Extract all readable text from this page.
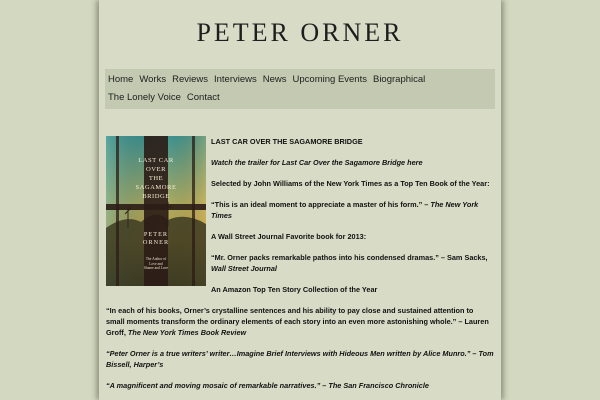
PETER ORNER
Home Works Reviews Interviews News Upcoming Events Biographical
The Lonely Voice Contact
LAST CAR
OVER
THE
SAGAMORE
BRIDGE
PETER
ORNER
The Author of
Love and
Shame and Love
LAST CAR OVER THE SAGAMORE BRIDGE
Watch the trailer for Last Car Over the Sagamore Bridge here
Selected by John Williams of the New York Times as a Top Ten Book of the Year:
“This is an ideal moment to appreciate a master of his form.” – The New York Times
A Wall Street Journal Favorite book for 2013:
“Mr. Orner packs remarkable pathos into his condensed dramas.” – Sam Sacks, Wall Street Journal
An Amazon Top Ten Story Collection of the Year
“In each of his books, Orner’s crystalline sentences and his ability to pay close and sustained attention to small moments transform the ordinary elements of each story into an even more astonishing whole.” – Lauren Groff, The New York Times Book Review
“Peter Orner is a true writers’ writer…Imagine Brief Interviews with Hideous Men written by Alice Munro.” – Tom Bissell, Harper’s
“A magnificent and moving mosaic of remarkable narratives.” – The San Francisco Chronicle
